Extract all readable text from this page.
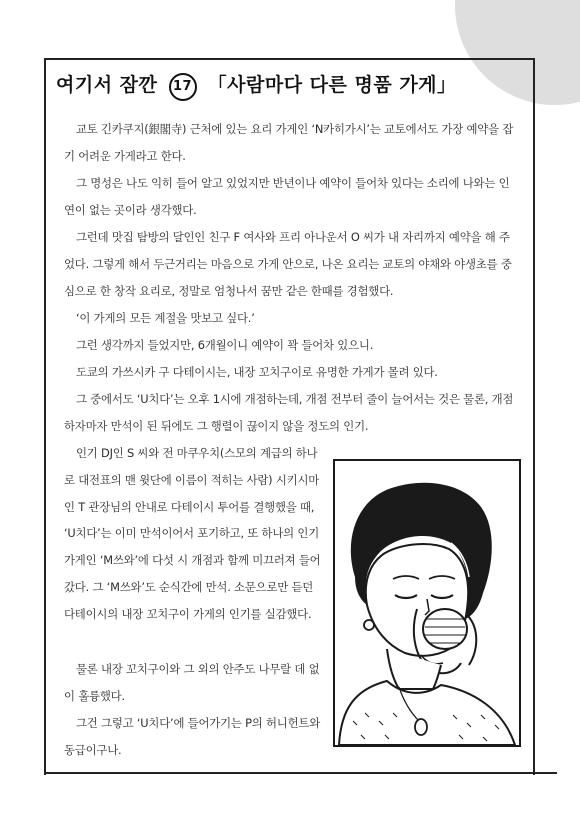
여기서 잠깐 17 「사람마다 다른 명품 가게」

교토 긴카쿠지(銀閣寺) 근처에 있는 요리 가게인 ‘N카히가시’는 교토에서도 가장 예약을 잡기 어려운 가게라고 한다.

그 명성은 나도 익히 들어 알고 있었지만 반년이나 예약이 들어차 있다는 소리에 나와는 인연이 없는 곳이라 생각했다.

그런데 맛집 탐방의 달인인 친구 F 여사와 프리 아나운서 O 씨가 내 자리까지 예약을 해 주었다. 그렇게 해서 두근거리는 마음으로 가게 안으로, 나온 요리는 교토의 야채와 야생초를 중심으로 한 창작 요리로, 정말로 엄청나서 꿈만 같은 한때를 경험했다.

‘이 가게의 모든 계절을 맛보고 싶다.’

그런 생각까지 들었지만, 6개월이니 예약이 꽉 들어차 있으니.

도쿄의 가쓰시카 구 다테이시는, 내장 꼬치구이로 유명한 가게가 몰려 있다.

그 중에서도 ‘U치다’는 오후 1시에 개점하는데, 개점 전부터 줄이 늘어서는 것은 물론, 개점하자마자 만석이 된 뒤에도 그 행렬이 끊이지 않을 정도의 인기.

인기 DJ인 S 씨와 전 마쿠우치(스모의 계급의 하나로 대전표의 맨 윗단에 이름이 적히는 사람) 시키시마인 T 관장님의 안내로 다테이시 투어를 결행했을 때, ‘U치다’는 이미 만석이어서 포기하고, 또 하나의 인기 가게인 ‘M쓰와’에 다섯 시 개점과 함께 미끄러져 들어갔다. 그 ‘M쓰와’도 순식간에 만석. 소문으로만 듣던 다테이시의 내장 꼬치구이 가게의 인기를 실감했다.

물론 내장 꼬치구이와 그 외의 안주도 나무랄 데 없이 훌륭했다.

그건 그렇고 ‘U치다’에 들어가기는 P의 허니헌트와 동급이구나.
